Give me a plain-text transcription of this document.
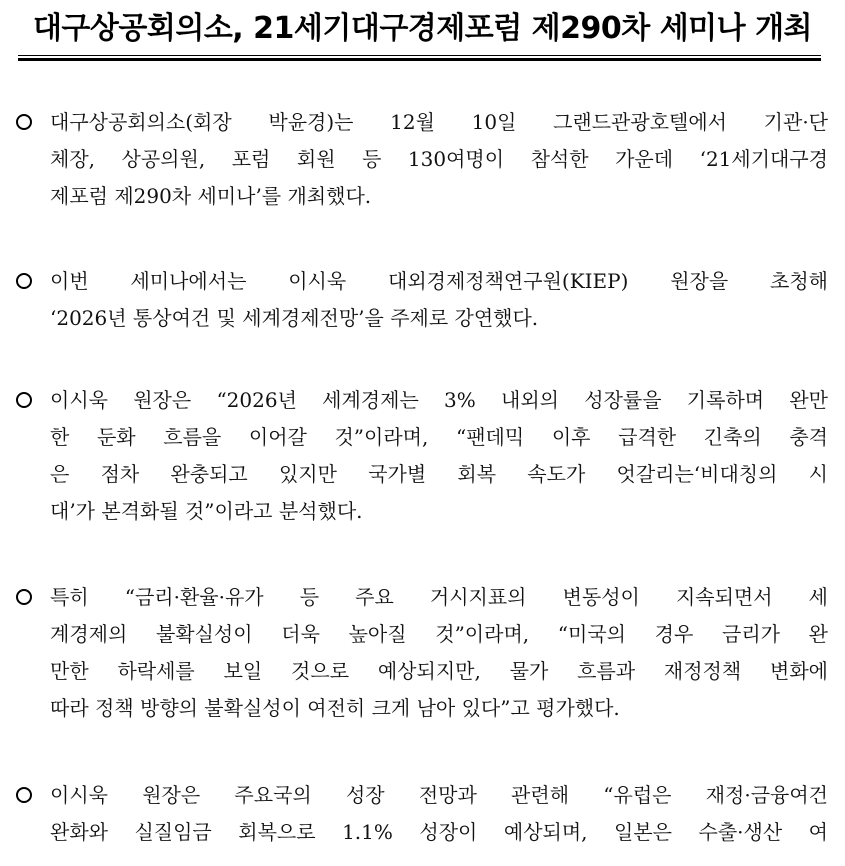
대구상공회의소, 21세기대구경제포럼 제290차 세미나 개최
대구상공회의소(회장 박윤경)는 12월 10일 그랜드관광호텔에서 기관·단
체장, 상공의원, 포럼 회원 등 130여명이 참석한 가운데 ‘21세기대구경
제포럼 제290차 세미나’를 개최했다.
이번 세미나에서는 이시욱 대외경제정책연구원(KIEP) 원장을 초청해
‘2026년 통상여건 및 세계경제전망’을 주제로 강연했다.
이시욱 원장은 “2026년 세계경제는 3% 내외의 성장률을 기록하며 완만
한 둔화 흐름을 이어갈 것”이라며, “팬데믹 이후 급격한 긴축의 충격
은 점차 완충되고 있지만 국가별 회복 속도가 엇갈리는‘비대칭의 시
대’가 본격화될 것”이라고 분석했다.
특히 “금리·환율·유가 등 주요 거시지표의 변동성이 지속되면서 세
계경제의 불확실성이 더욱 높아질 것”이라며, “미국의 경우 금리가 완
만한 하락세를 보일 것으로 예상되지만, 물가 흐름과 재정정책 변화에
따라 정책 방향의 불확실성이 여전히 크게 남아 있다”고 평가했다.
이시욱 원장은 주요국의 성장 전망과 관련해 “유럽은 재정·금융여건
완화와 실질임금 회복으로 1.1% 성장이 예상되며, 일본은 수출·생산 여
